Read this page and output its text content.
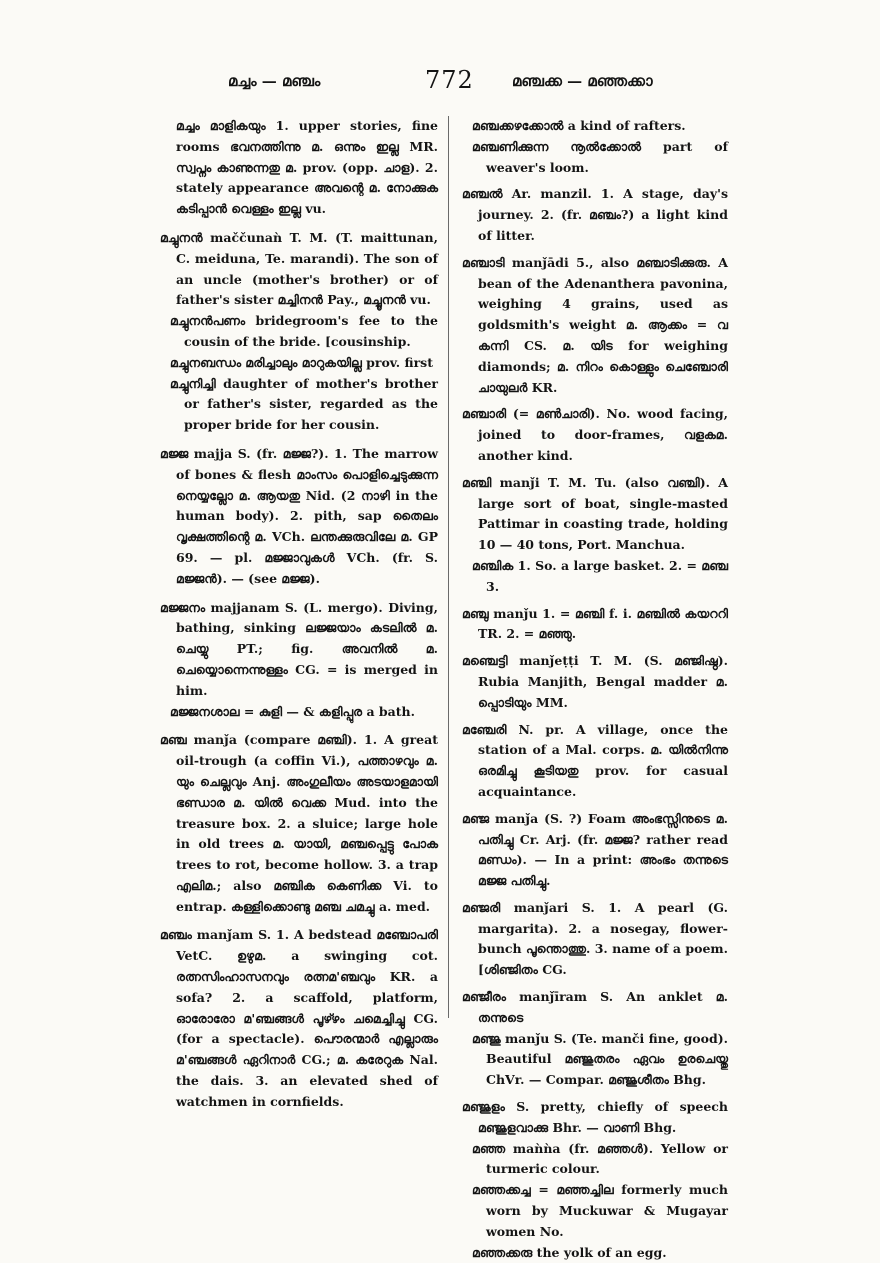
മച്ചം — മഞ്ചം	772	മഞ്ചക്ക — മഞ്ഞക്കാ

മച്ചം മാളികയും 1. upper stories, fine rooms ഭവനത്തിന്നു മ. ഒന്നും ഇല്ല MR. സ്വപ്നം കാണുന്നതു മ. prov. (opp. ചാള). 2. stately appearance അവന്റെ മ. നോക്കുക കടിപ്പാൻ വെള്ളം ഇല്ല vu.

മച്ചുനൻ maččunaǹ T. M. (T. maittunan, C. meiduna, Te. marandi). The son of an uncle (mother's brother) or of father's sister മച്ചിനൻ Pay., മച്ചൂനൻ vu.

മച്ചുനൻപണം bridegroom's fee to the cousin of the bride. [cousinship.

മച്ചുനബന്ധം മരിച്ചാലും മാറുകയില്ല prov. first

മച്ചുനിച്ചി daughter of mother's brother or father's sister, regarded as the proper bride for her cousin.

മജ്ജ majja S. (fr. മജ്ജ?). 1. The marrow of bones & flesh മാംസം പൊളിച്ചെടുക്കുന്ന നെയ്യല്ലോ മ. ആയതു Nid. (2 നാഴി in the human body). 2. pith, sap തൈലം വൃക്ഷത്തിന്റെ മ. VCh. ലന്തക്കുരുവിലേ മ. GP 69. — pl. മജ്ജാവുകൾ VCh. (fr. S. മജ്ജൻ). — (see മജ്ജ).

മജ്ജനം majjanam S. (L. mergo). Diving, bathing, sinking ലജ്ജയാം കടലിൽ മ. ചെയ്യു PT.; fig. അവനിൽ മ. ചെയ്യൊന്നെന്നുള്ളം CG. = is merged in him.

മജ്ജനശാല = കുളി — & കളിപ്പുര a bath.

മഞ്ച manǰa (compare മഞ്ചി). 1. A great oil-trough (a coffin Vi.), പത്താഴവും മ. യും ചെല്ലവും Anj. അംഗുലീയം അടയാളമായി ഭണ്ഡാര മ. യിൽ വെക്ക Mud. into the treasure box. 2. a sluice; large hole in old trees മ. യായി, മഞ്ചപ്പെട്ടു പോക trees to rot, become hollow. 3. a trap എലിമ.; also മഞ്ചിക കെണിക്ക Vi. to entrap. കള്ളിക്കൊണ്ടു മഞ്ച ചമച്ചു a. med.

മഞ്ചം manǰam S. 1. A bedstead മഞ്ചോപരി VetC. ഉഴുമ. a swinging cot. രത്നസിംഹാസനവും രത്നമ'ഞ്ചവും KR. a sofa? 2. a scaffold, platform, ഓരോരോ മ'ഞ്ചങ്ങൾ പൂഴ്ഴം ചമെച്ചിച്ചു CG. (for a spectacle). പൌരന്മാർ എല്ലാരും മ'ഞ്ചങ്ങൾ ഏറിനാർ CG.; മ. കരേറുക Nal. the dais. 3. an elevated shed of watchmen in cornfields.

മഞ്ചക്കഴക്കോൽ a kind of rafters.

മഞ്ചണിക്കുന്ന നൂൽക്കോൽ part of weaver's loom.

മഞ്ചൽ Ar. manzil. 1. A stage, day's journey. 2. (fr. മഞ്ചം?) a light kind of litter.

മഞ്ചാടി manǰādi 5., also മഞ്ചാടിക്കുരു. A bean of the Adenanthera pavonina, weighing 4 grains, used as goldsmith's weight മ. ആക്കം = വ കന്നി CS. മ. യിട for weighing diamonds; മ. നിറം കൊള്ളും ചെഞ്ചോരി ചായുലർ KR.

മഞ്ചാരി (= മൺചാരി). No. wood facing, joined to door-frames, വളകമ. another kind.

മഞ്ചി manǰi T. M. Tu. (also വഞ്ചി). A large sort of boat, single-masted Pattimar in coasting trade, holding 10 — 40 tons, Port. Manchua.

മഞ്ചിക 1. So. a large basket. 2. = മഞ്ച 3.

മഞ്ചു manǰu 1. = മഞ്ചി f. i. മഞ്ചിൽ കയററി TR. 2. = മഞ്ഞു.

മഞ്ചെട്ടി manǰeṭṭi T. M. (S. മഞ്ജിഷ്ഠ). Rubia Manjith, Bengal madder മ. പ്പൊടിയും MM.

മഞ്ചേരി N. pr. A village, once the station of a Mal. corps. മ. യിൽനിന്നു ഒരമിച്ചു കൂടിയതു prov. for casual acquaintance.

മഞ്ജ manǰa (S. ?) Foam അംഭസ്സിനുടെ മ. പതിച്ചു Cr. Arj. (fr. മജ്ജ? rather read മണ്ഡം). — In a print: അംഭം തന്നുടെ മജ്ജ പതിച്ചു.

മഞ്ജരി manǰari S. 1. A pearl (G. margarita). 2. a nosegay, flower-bunch പൂന്തൊത്തു. 3. name of a poem. [ശിഞ്ജിതം CG.

മഞ്ജീരം manǰīram S. An anklet മ. തന്നുടെ

മഞ്ജു manǰu S. (Te. manči fine, good). Beautiful മഞ്ജുതരം ഏവം ഉരചെയ്തു ChVr. — Compar. മഞ്ജുശീതം Bhg.

മഞ്ജുളം S. pretty, chiefly of speech മഞ്ജുളവാക്കു Bhr. — വാണി Bhg.

മഞ്ഞ maǹǹa (fr. മഞ്ഞൾ). Yellow or turmeric colour.

മഞ്ഞക്കച്ച = മഞ്ഞച്ചില formerly much worn by Muckuwar & Mugayar women No.

മഞ്ഞക്കരു the yolk of an egg.
